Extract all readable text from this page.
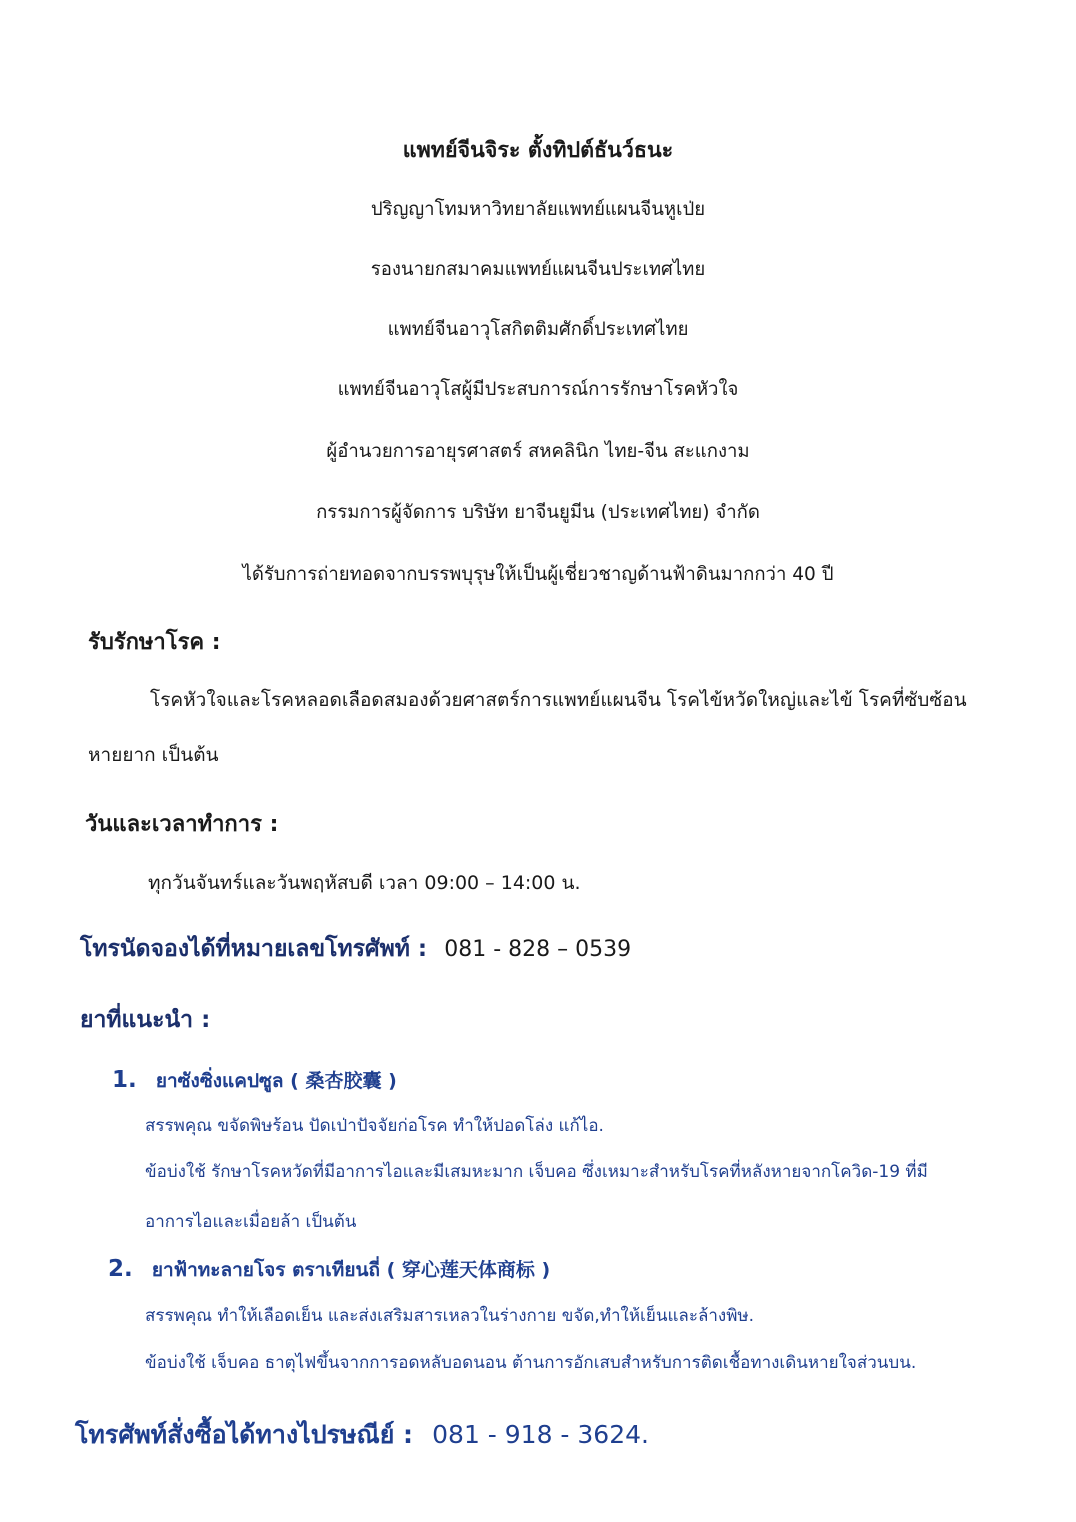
แพทย์จีนจิระ ตั้งทิปต์ธันว์ธนะ
ปริญญาโทมหาวิทยาลัยแพทย์แผนจีนหูเป่ย
รองนายกสมาคมแพทย์แผนจีนประเทศไทย
แพทย์จีนอาวุโสกิตติมศักดิ์ประเทศไทย
แพทย์จีนอาวุโสผู้มีประสบการณ์การรักษาโรคหัวใจ
ผู้อำนวยการอายุรศาสตร์ สหคลินิก ไทย-จีน สะแกงาม
กรรมการผู้จัดการ บริษัท ยาจีนยูมีน (ประเทศไทย) จำกัด
ได้รับการถ่ายทอดจากบรรพบุรุษให้เป็นผู้เชี่ยวชาญด้านฟ้าดินมากกว่า 40 ปี
รับรักษาโรค :
โรคหัวใจและโรคหลอดเลือดสมองด้วยศาสตร์การแพทย์แผนจีน โรคไข้หวัดใหญ่และไข้ โรคที่ซับซ้อน
หายยาก เป็นต้น
วันและเวลาทำการ :
ทุกวันจันทร์และวันพฤหัสบดี เวลา 09:00 – 14:00 น.
โทรนัดจองได้ที่หมายเลขโทรศัพท์ : 081 - 828 – 0539
ยาที่แนะนำ :
1. ยาซังซิ่งแคปซูล ( 桑杏胶囊 )
สรรพคุณ ขจัดพิษร้อน ปัดเป่าปัจจัยก่อโรค ทำให้ปอดโล่ง แก้ไอ.
ข้อบ่งใช้ รักษาโรคหวัดที่มีอาการไอและมีเสมหะมาก เจ็บคอ ซึ่งเหมาะสำหรับโรคที่หลังหายจากโควิด-19 ที่มี
อาการไอและเมื่อยล้า เป็นต้น
2. ยาฟ้าทะลายโจร ตราเทียนถี่ ( 穿心莲天体商标 )
สรรพคุณ ทำให้เลือดเย็น และส่งเสริมสารเหลวในร่างกาย ขจัด,ทำให้เย็นและล้างพิษ.
ข้อบ่งใช้ เจ็บคอ ธาตุไฟขึ้นจากการอดหลับอดนอน ต้านการอักเสบสำหรับการติดเชื้อทางเดินหายใจส่วนบน.
โทรศัพท์สั่งซื้อได้ทางไปรษณีย์ : 081 - 918 - 3624.
